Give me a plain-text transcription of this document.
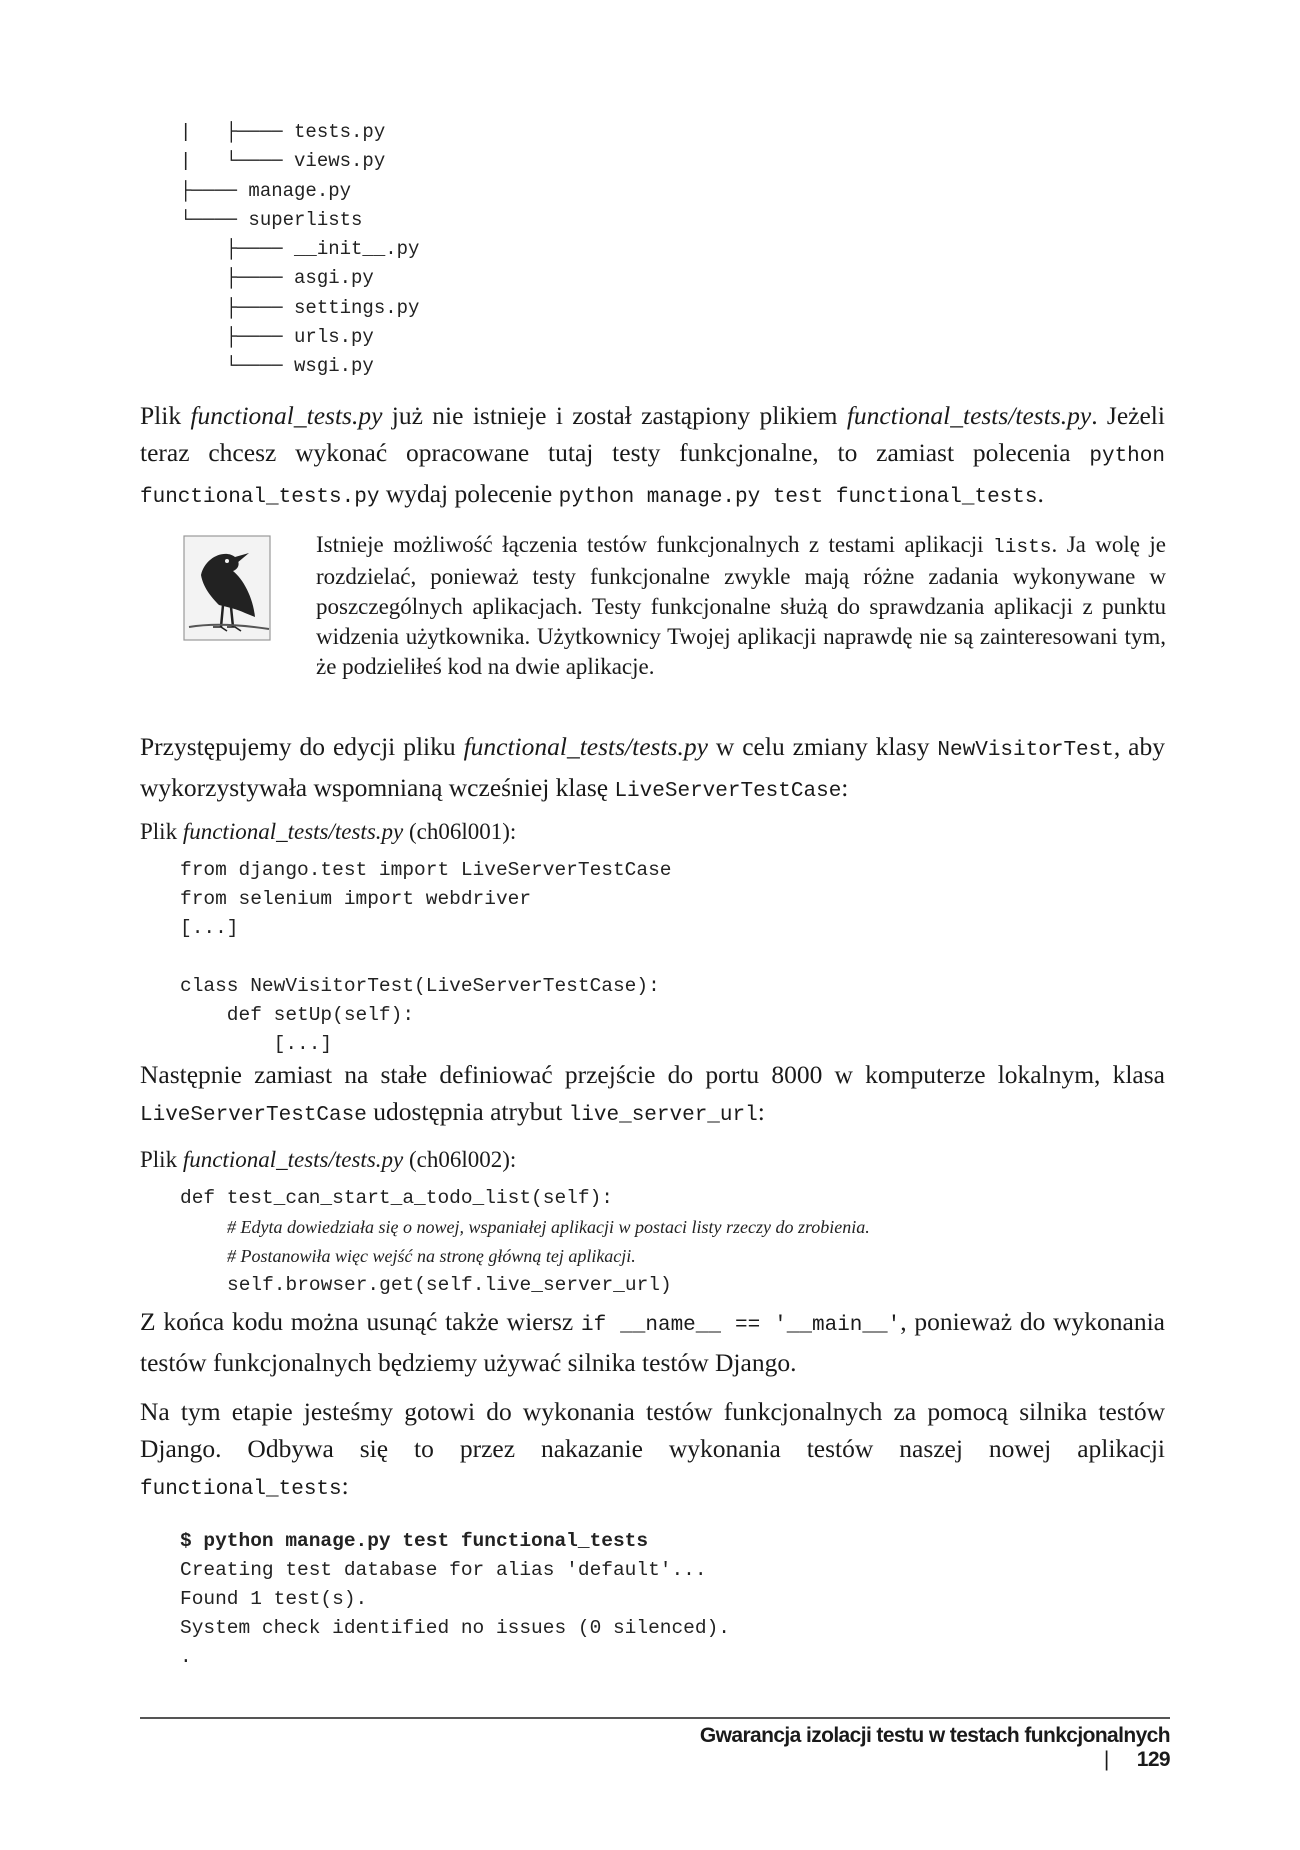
|   ├──── tests.py
|   └──── views.py
├──── manage.py
└──── superlists
├──── __init__.py
├──── asgi.py
├──── settings.py
├──── urls.py
└──── wsgi.py
Plik functional_tests.py już nie istnieje i został zastąpiony plikiem functional_tests/tests.py. Jeżeli teraz chcesz wykonać opracowane tutaj testy funkcjonalne, to zamiast polecenia python functional_tests.py wydaj polecenie python manage.py test functional_tests.
Istnieje możliwość łączenia testów funkcjonalnych z testami aplikacji lists. Ja wolę je rozdzielać, ponieważ testy funkcjonalne zwykle mają różne zadania wykonywane w poszczególnych aplikacjach. Testy funkcjonalne służą do sprawdzania aplikacji z punktu widzenia użytkownika. Użytkownicy Twojej aplikacji naprawdę nie są zainteresowani tym, że podzieliłeś kod na dwie aplikacje.
Przystępujemy do edycji pliku functional_tests/tests.py w celu zmiany klasy NewVisitorTest, aby wykorzystywała wspomnianą wcześniej klasę LiveServerTestCase:
Plik functional_tests/tests.py (ch06l001):
from django.test import LiveServerTestCase
from selenium import webdriver
[...]
class NewVisitorTest(LiveServerTestCase):
def setUp(self):
[...]
Następnie zamiast na stałe definiować przejście do portu 8000 w komputerze lokalnym, klasa LiveServerTestCase udostępnia atrybut live_server_url:
Plik functional_tests/tests.py (ch06l002):
def test_can_start_a_todo_list(self):
# Edyta dowiedziała się o nowej, wspaniałej aplikacji w postaci listy rzeczy do zrobienia.
# Postanowiła więc wejść na stronę główną tej aplikacji.
self.browser.get(self.live_server_url)
Z końca kodu można usunąć także wiersz if __name__ == '__main__', ponieważ do wykonania testów funkcjonalnych będziemy używać silnika testów Django.
Na tym etapie jesteśmy gotowi do wykonania testów funkcjonalnych za pomocą silnika testów Django. Odbywa się to przez nakazanie wykonania testów naszej nowej aplikacji functional_tests:
$ python manage.py test functional_tests
Creating test database for alias 'default'...
Found 1 test(s).
System check identified no issues (0 silenced).
.
Gwarancja izolacji testu w testach funkcjonalnych| 129
